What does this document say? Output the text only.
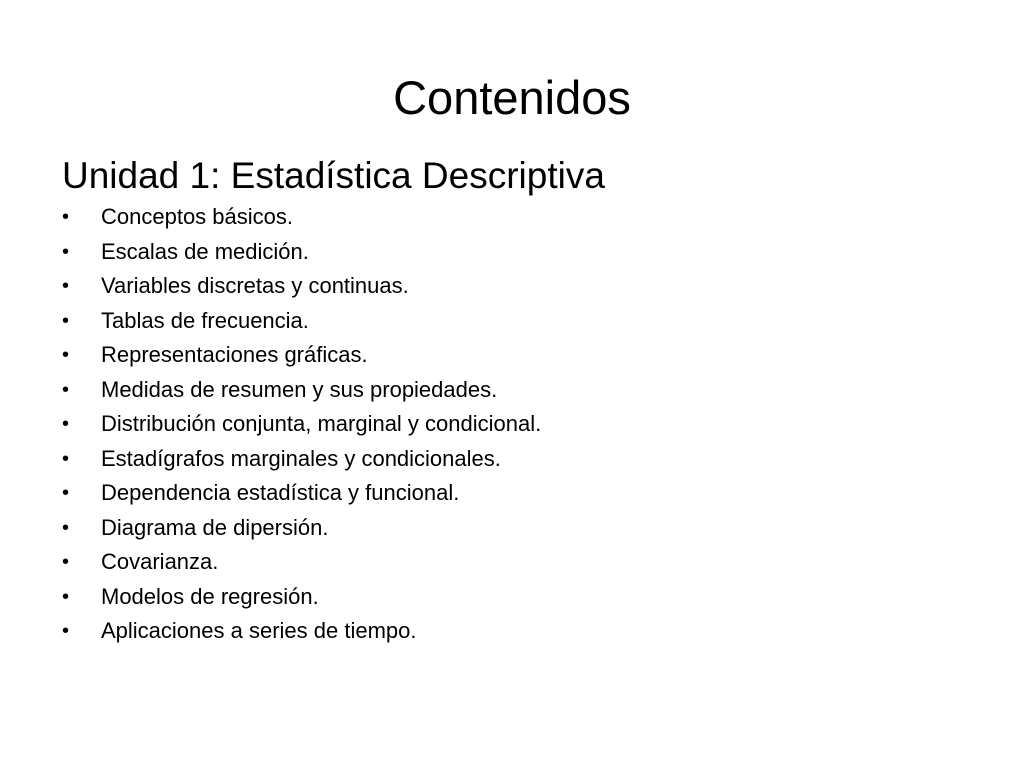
Contenidos
Unidad 1: Estadística Descriptiva
•	Conceptos básicos.
•	Escalas de medición.
•	Variables discretas y continuas.
•	Tablas de frecuencia.
•	Representaciones gráficas.
•	Medidas de resumen y sus propiedades.
•	Distribución conjunta, marginal y condicional.
•	Estadígrafos marginales y condicionales.
•	Dependencia estadística y funcional.
•	Diagrama de dipersión.
•	Covarianza.
•	Modelos de regresión.
•	Aplicaciones a series de tiempo.
